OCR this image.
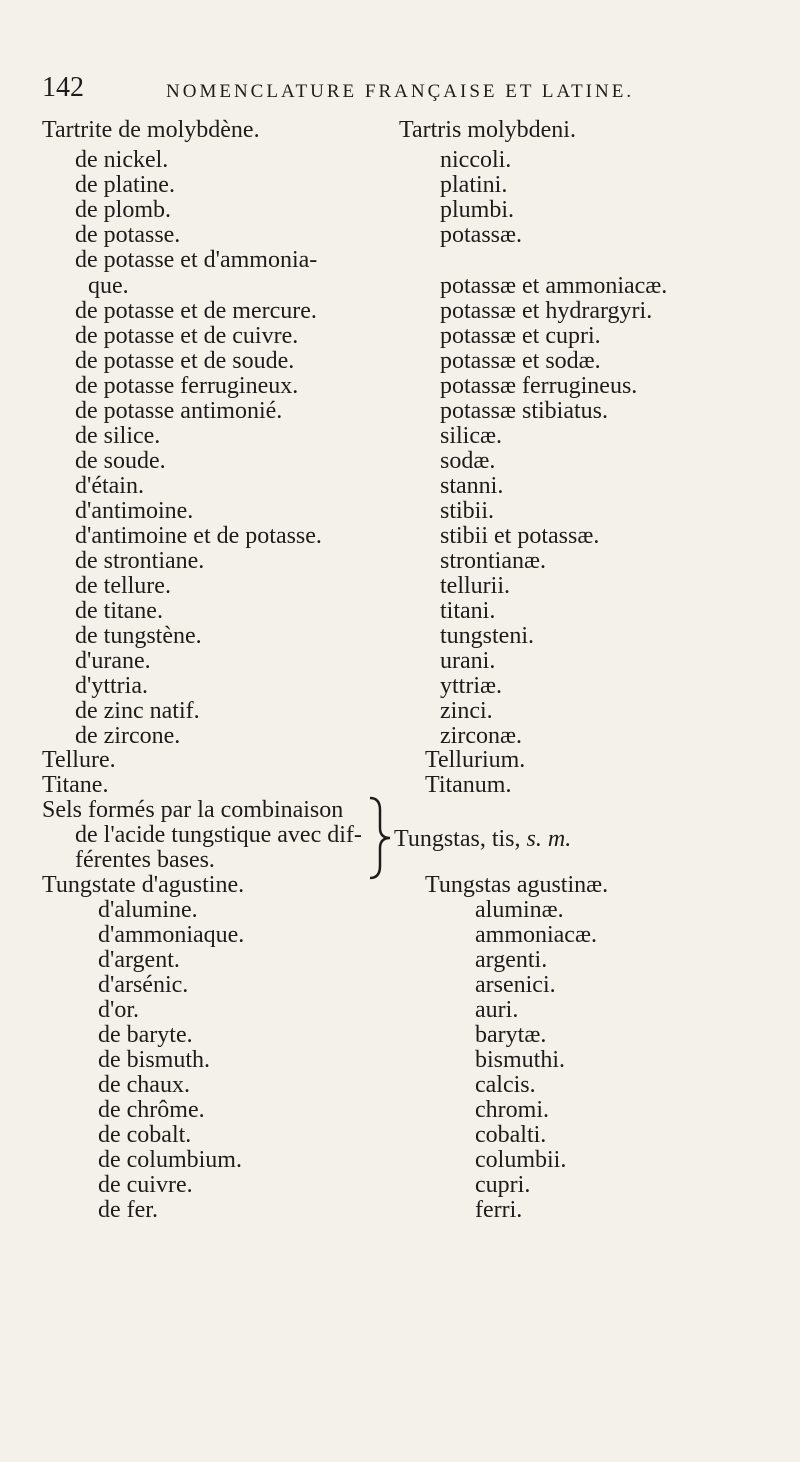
142	NOMENCLATURE FRANÇAISE ET LATINE.
Tartrite de molybdène.	Tartris molybdeni.
de nickel.	niccoli.
de platine.	platini.
de plomb.	plumbi.
de potasse.	potassæ.
de potasse et d'ammonia-
que.	potassæ et ammoniacæ.
de potasse et de mercure.	potassæ et hydrargyri.
de potasse et de cuivre.	potassæ et cupri.
de potasse et de soude.	potassæ et sodæ.
de potasse ferrugineux.	potassæ ferrugineus.
de potasse antimonié.	potassæ stibiatus.
de silice.	silicæ.
de soude.	sodæ.
d'étain.	stanni.
d'antimoine.	stibii.
d'antimoine et de potasse.	stibii et potassæ.
de strontiane.	strontianæ.
de tellure.	tellurii.
de titane.	titani.
de tungstène.	tungsteni.
d'urane.	urani.
d'yttria.	yttriæ.
de zinc natif.	zinci.
de zircone.	zirconæ.
Tellure.	Tellurium.
Titane.	Titanum.
Sels formés par la combinaison
de l'acide tungstique avec dif-
férentes bases.
Tungstate d'agustine.	Tungstas agustinæ.
d'alumine.	aluminæ.
d'ammoniaque.	ammoniacæ.
d'argent.	argenti.
d'arsénic.	arsenici.
d'or.	auri.
de baryte.	barytæ.
de bismuth.	bismuthi.
de chaux.	calcis.
de chrôme.	chromi.
de cobalt.	cobalti.
de columbium.	columbii.
de cuivre.	cupri.
de fer.	ferri.
Tungstas, tis, s. m.
